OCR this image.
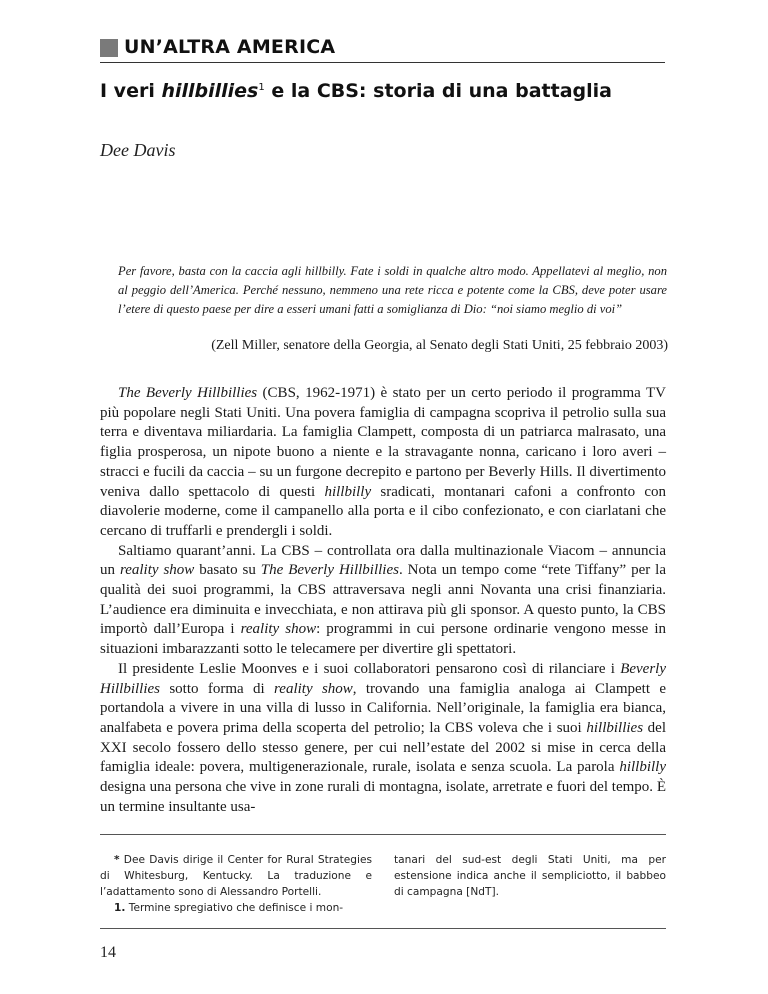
UN’ALTRA AMERICA
I veri hillbillies$^1$ e la CBS: storia di una battaglia
Dee Davis
Per favore, basta con la caccia agli hillbilly. Fate i soldi in qualche altro modo. Appellatevi al meglio, non al peggio dell’America. Perché nessuno, nemmeno una rete ricca e potente come la CBS, deve poter usare l’etere di questo paese per dire a esseri umani fatti a somiglianza di Dio: “noi siamo meglio di voi”
(Zell Miller, senatore della Georgia, al Senato degli Stati Uniti, 25 febbraio 2003)

The Beverly Hillbillies (CBS, 1962-1971) è stato per un certo periodo il programma TV più popolare negli Stati Uniti. Una povera famiglia di campagna scopriva il petrolio sulla sua terra e diventava miliardaria. La famiglia Clampett, composta di un patriarca malrasato, una figlia prosperosa, un nipote buono a niente e la stravagante nonna, caricano i loro averi – stracci e fucili da caccia – su un furgone decrepito e partono per Beverly Hills. Il divertimento veniva dallo spettacolo di questi hillbilly sradicati, montanari cafoni a confronto con diavolerie moderne, come il campanello alla porta e il cibo confezionato, e con ciarlatani che cercano di truffarli e prendergli i soldi.

Saltiamo quarant’anni. La CBS – controllata ora dalla multinazionale Viacom – annuncia un reality show basato su The Beverly Hillbillies. Nota un tempo come “rete Tiffany” per la qualità dei suoi programmi, la CBS attraversava negli anni Novanta una crisi finanziaria. L’audience era diminuita e invecchiata, e non attirava più gli sponsor. A questo punto, la CBS importò dall’Europa i reality show: programmi in cui persone ordinarie vengono messe in situazioni imbarazzanti sotto le telecamere per divertire gli spettatori.

Il presidente Leslie Moonves e i suoi collaboratori pensarono così di rilanciare i Beverly Hillbillies sotto forma di reality show, trovando una famiglia analoga ai Clampett e portandola a vivere in una villa di lusso in California. Nell’originale, la famiglia era bianca, analfabeta e povera prima della scoperta del petrolio; la CBS voleva che i suoi hillbillies del XXI secolo fossero dello stesso genere, per cui nell’estate del 2002 si mise in cerca della famiglia ideale: povera, multigenerazionale, rurale, isolata e senza scuola. La parola hillbilly designa una persona che vive in zone rurali di montagna, isolate, arretrate e fuori del tempo. È un termine insultante usa-

* Dee Davis dirige il Center for Rural Strategies di Whitesburg, Kentucky. La traduzione e l’adattamento sono di Alessandro Portelli.

1. Termine spregiativo che definisce i mon-

tanari del sud-est degli Stati Uniti, ma per estensione indica anche il sempliciotto, il babbeo di campagna [NdT].

14
